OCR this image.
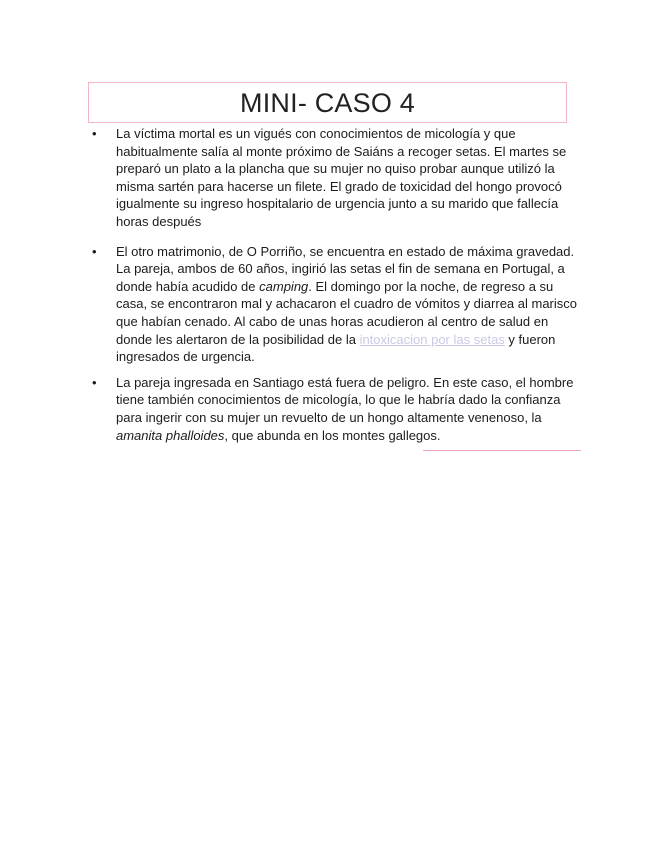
MINI- CASO 4
•	La víctima mortal es un vigués con conocimientos de micología y que habitualmente salía al monte próximo de Saiáns a recoger setas. El martes se preparó un plato a la plancha que su mujer no quiso probar aunque utilizó la misma sartén para hacerse un filete. El grado de toxicidad del hongo provocó igualmente su ingreso hospitalario de urgencia junto a su marido que fallecía horas después
•	El otro matrimonio, de O Porriño, se encuentra en estado de máxima gravedad. La pareja, ambos de 60 años, ingirió las setas el fin de semana en Portugal, a donde había acudido de camping. El domingo por la noche, de regreso a su casa, se encontraron mal y achacaron el cuadro de vómitos y diarrea al marisco que habían cenado. Al cabo de unas horas acudieron al centro de salud en donde les alertaron de la posibilidad de la intoxicacion por las setas y fueron ingresados de urgencia.
•	La pareja ingresada en Santiago está fuera de peligro. En este caso, el hombre tiene también conocimientos de micología, lo que le habría dado la confianza para ingerir con su mujer un revuelto de un hongo altamente venenoso, la amanita phalloides, que abunda en los montes gallegos.
